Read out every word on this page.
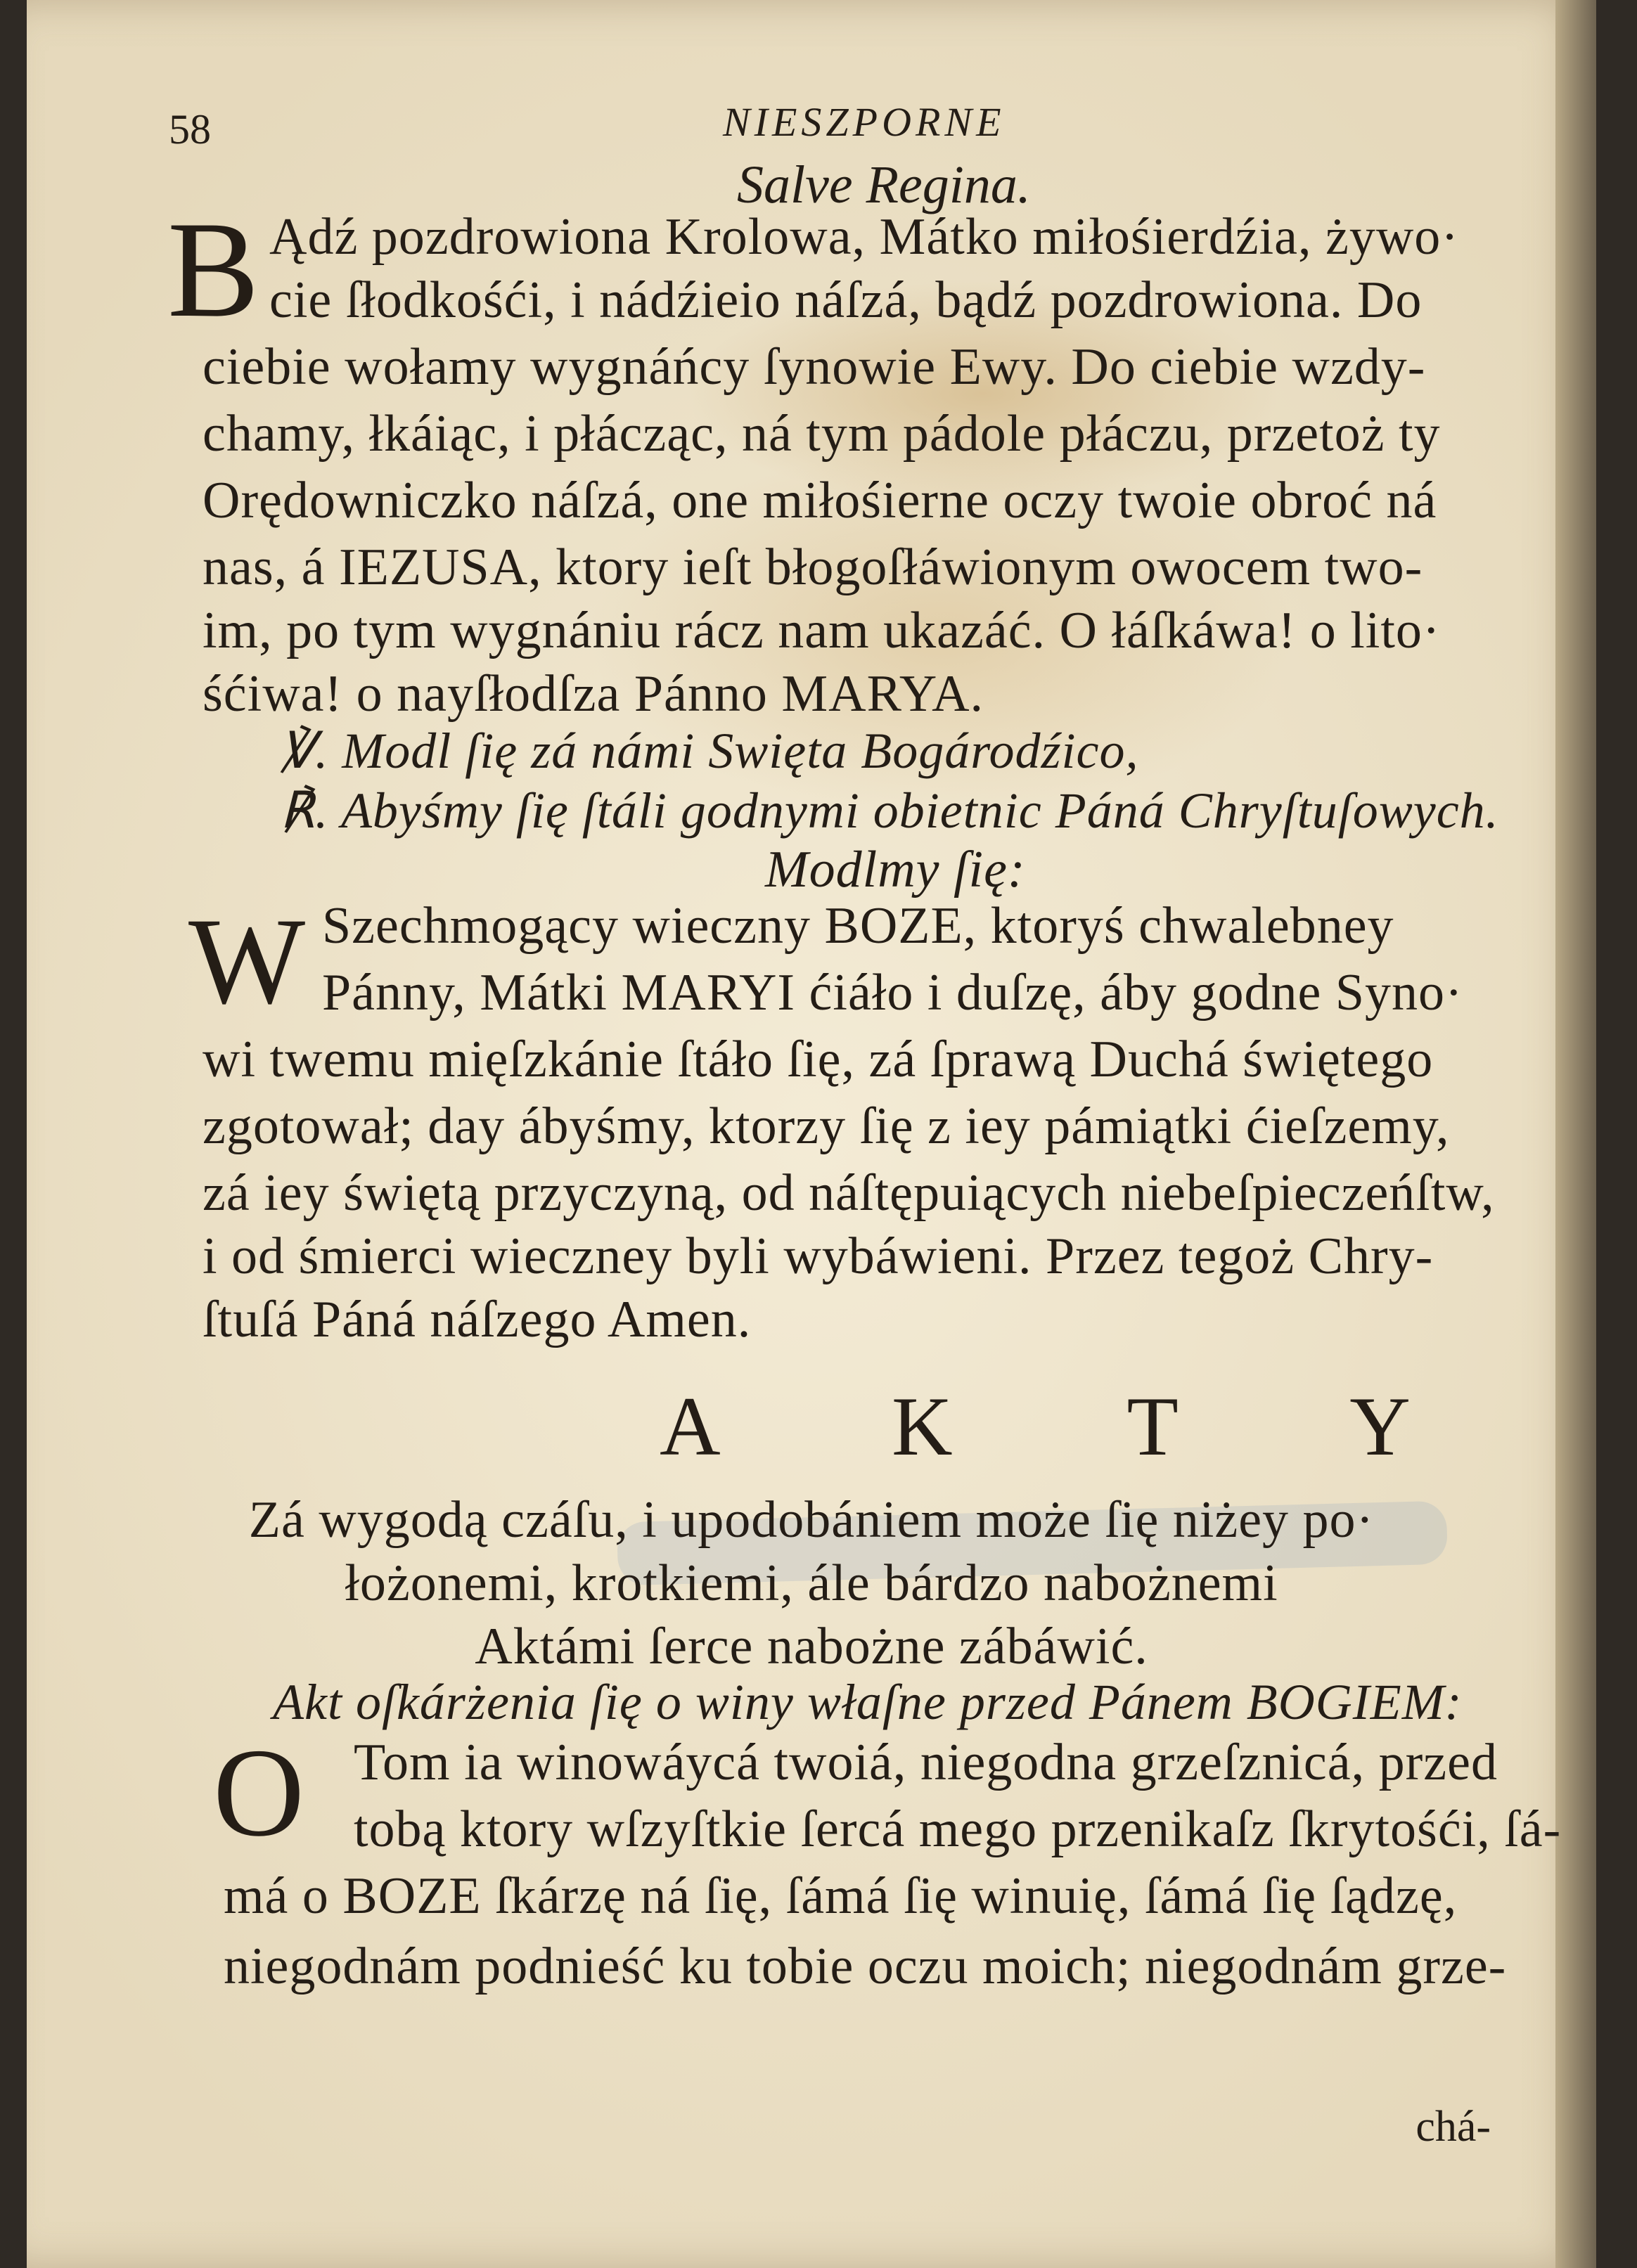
58	NIESZPORNE
Salve Regina.
B Ądź pozdrowiona Krolowa, Mátko miłośierdźia, żywo·
cie ſłodkośći, i nádźieio náſzá, bądź pozdrowiona. Do
ciebie wołamy wygnáńcy ſynowie Ewy. Do ciebie wzdy-
chamy, łkáiąc, i płácząc, ná tym pádole płáczu, przetoż ty
Orędowniczko náſzá, one miłośierne oczy twoie obroć ná
nas, á IEZUSA, ktory ieſt błogoſłáwionym owocem two-
im, po tym wygnániu rácz nam ukazáć. O łáſkáwa! o lito·
śćiwa! o nayſłodſza Pánno MARYA.
℣. Modl ſię zá námi Swięta Bogárodźico,
℟. Abyśmy ſię ſtáli godnymi obietnic Páná Chryſtuſowych.
Modlmy ſię:
W Szechmogący wieczny BOZE, ktoryś chwalebney
Pánny, Mátki MARYI ćiáło i duſzę, áby godne Syno·
wi twemu mięſzkánie ſtáło ſię, zá ſprawą Duchá świętego
zgotował; day ábyśmy, ktorzy ſię z iey pámiątki ćieſzemy,
zá iey świętą przyczyną, od náſtępuiących niebeſpieczeńſtw,
i od śmierci wieczney byli wybáwieni. Przez tegoż Chry-
ſtuſá Páná náſzego Amen.
A K T Y
Zá wygodą czáſu, i upodobániem może ſię niżey po·
łożonemi, krotkiemi, ále bárdzo nabożnemi
Aktámi ſerce nabożne zábáwić.
Akt oſkárżenia ſię o winy właſne przed Pánem BOGIEM:
O Tom ia winowáycá twoiá, niegodna grzeſznicá, przed
tobą ktory wſzyſtkie ſercá mego przenikaſz ſkrytośći, ſá-
má o BOZE ſkárzę ná ſię, ſámá ſię winuię, ſámá ſię ſądzę,
niegodnám podnieść ku tobie oczu moich; niegodnám grze-
chá-
